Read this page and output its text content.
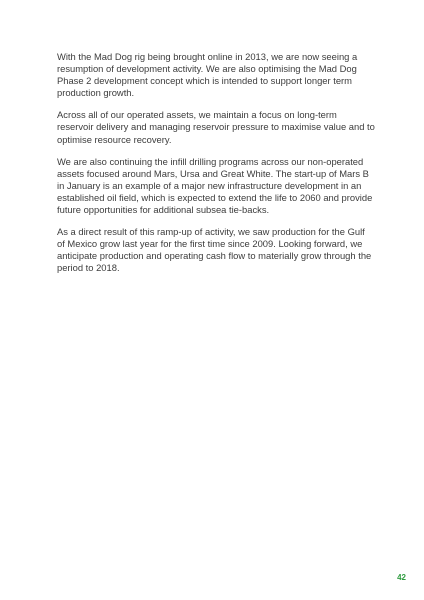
With the Mad Dog rig being brought online in 2013, we are now seeing a resumption of development activity. We are also optimising the Mad Dog Phase 2 development concept which is intended to support longer term production growth.

Across all of our operated assets, we maintain a focus on long-term reservoir delivery and managing reservoir pressure to maximise value and to optimise resource recovery.

We are also continuing the infill drilling programs across our non-operated assets focused around Mars, Ursa and Great White. The start-up of Mars B in January is an example of a major new infrastructure development in an established oil field, which is expected to extend the life to 2060 and provide future opportunities for additional subsea tie-backs.

As a direct result of this ramp-up of activity, we saw production for the Gulf of Mexico grow last year for the first time since 2009. Looking forward, we anticipate production and operating cash flow to materially grow through the period to 2018.

42
